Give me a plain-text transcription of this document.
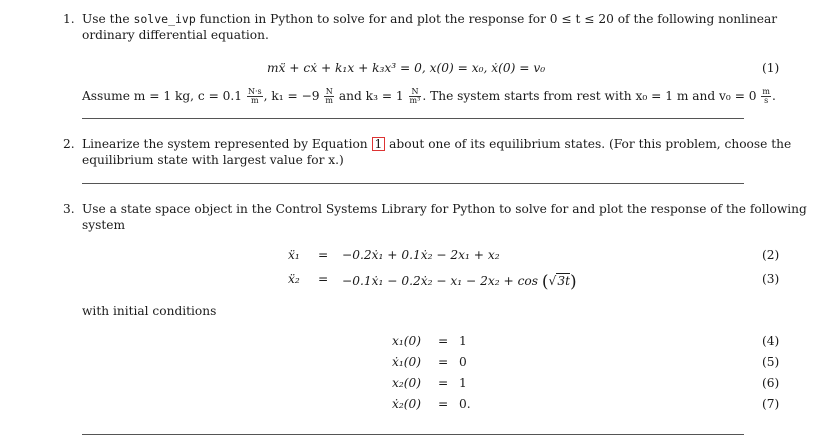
1. Use the solve_ivp function in Python to solve for and plot the response for 0 ≤ t ≤ 20 of the following nonlinear
ordinary differential equation.
mẍ + cẋ + k₁x + k₃x³ = 0, x(0) = x₀, ẋ(0) = v₀	(1)
Assume m = 1 kg, $c = 0.1 \frac{N\cdot s}{m}$ , $k_1 = -9 \frac{N}{m}$ and $k_3 = 1 \frac{N}{\text{m³}}$ . The system starts from rest with x₀ = 1 m and $v_0 = 0 \frac{m}{s}$ .
2. Linearize the system represented by Equation 1 about one of its equilibrium states. (For this problem, choose the
equilibrium state with largest value for x.)
3. Use a state space object in the Control Systems Library for Python to solve for and plot the response of the following
system
ẍ₁ = −0.2ẋ₁ + 0.1ẋ₂ − 2x₁ + x₂	(2)
ẍ₂ = −0.1ẋ₁ − 0.2ẋ₂ − x₁ − 2x₂ + cos (√3t)	(3)
with initial conditions
x₁(0) = 1	(4)
ẋ₁(0) = 0	(5)
x₂(0) = 1	(6)
ẋ₂(0) = 0.	(7)
